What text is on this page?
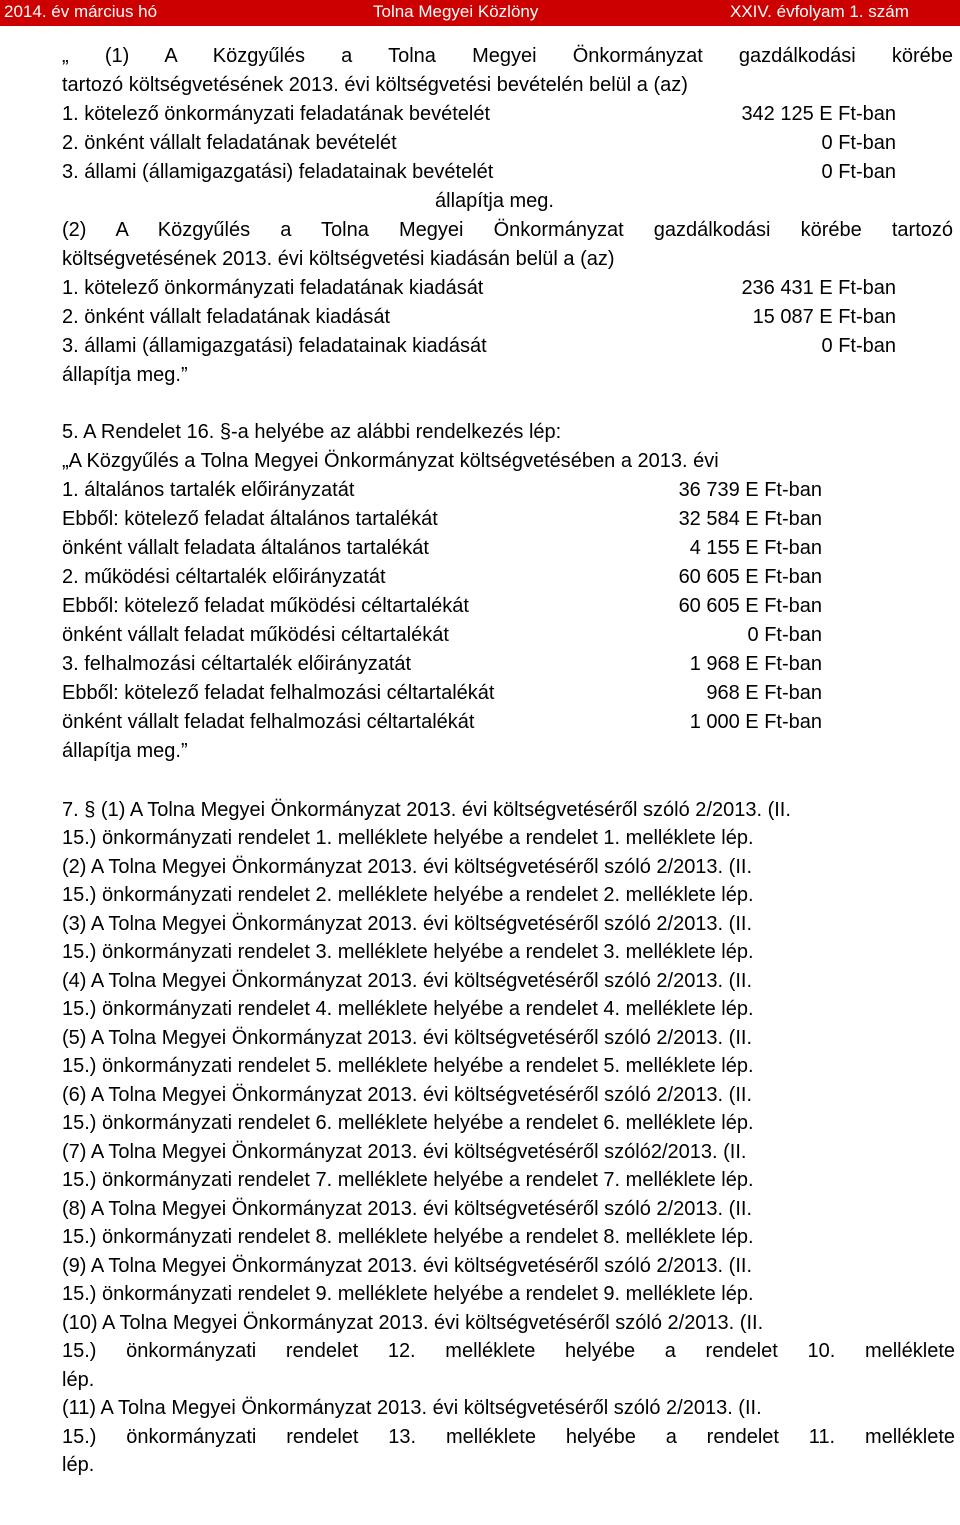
2014. év március hó	Tolna Megyei Közlöny	XXIV. évfolyam 1. szám
„ (1) A Közgyűlés a Tolna Megyei Önkormányzat gazdálkodási körébe
tartozó költségvetésének 2013. évi költségvetési bevételén belül a (az)
1. kötelező önkormányzati feladatának bevételét	342 125 E Ft-ban
2. önként vállalt feladatának bevételét	0 Ft-ban
3. állami (államigazgatási) feladatainak bevételét	0 Ft-ban
állapítja meg.
(2) A Közgyűlés a Tolna Megyei Önkormányzat gazdálkodási körébe tartozó
költségvetésének 2013. évi költségvetési kiadásán belül a (az)
1. kötelező önkormányzati feladatának kiadását	236 431 E Ft-ban
2. önként vállalt feladatának kiadását	15 087 E Ft-ban
3. állami (államigazgatási) feladatainak kiadását	0 Ft-ban
állapítja meg.”
5. A Rendelet 16. §-a helyébe az alábbi rendelkezés lép:
„A Közgyűlés a Tolna Megyei Önkormányzat költségvetésében a 2013. évi
1. általános tartalék előirányzatát	36 739 E Ft-ban
Ebből: kötelező feladat általános tartalékát	32 584 E Ft-ban
önként vállalt feladata általános tartalékát	4 155 E Ft-ban
2. működési céltartalék előirányzatát	60 605 E Ft-ban
Ebből: kötelező feladat működési céltartalékát	60 605 E Ft-ban
önként vállalt feladat működési céltartalékát	0 Ft-ban
3. felhalmozási céltartalék előirányzatát	1 968 E Ft-ban
Ebből: kötelező feladat felhalmozási céltartalékát	968 E Ft-ban
önként vállalt feladat felhalmozási céltartalékát	1 000 E Ft-ban
állapítja meg.”
7. § (1) A Tolna Megyei Önkormányzat 2013. évi költségvetéséről szóló 2/2013. (II.
15.) önkormányzati rendelet 1. melléklete helyébe a rendelet 1. melléklete lép.
(2) A Tolna Megyei Önkormányzat 2013. évi költségvetéséről szóló 2/2013. (II.
15.) önkormányzati rendelet 2. melléklete helyébe a rendelet 2. melléklete lép.
(3) A Tolna Megyei Önkormányzat 2013. évi költségvetéséről szóló 2/2013. (II.
15.) önkormányzati rendelet 3. melléklete helyébe a rendelet 3. melléklete lép.
(4) A Tolna Megyei Önkormányzat 2013. évi költségvetéséről szóló 2/2013. (II.
15.) önkormányzati rendelet 4. melléklete helyébe a rendelet 4. melléklete lép.
(5) A Tolna Megyei Önkormányzat 2013. évi költségvetéséről szóló 2/2013. (II.
15.) önkormányzati rendelet 5. melléklete helyébe a rendelet 5. melléklete lép.
(6) A Tolna Megyei Önkormányzat 2013. évi költségvetéséről szóló 2/2013. (II.
15.) önkormányzati rendelet 6. melléklete helyébe a rendelet 6. melléklete lép.
(7) A Tolna Megyei Önkormányzat 2013. évi költségvetéséről szóló2/2013. (II.
15.) önkormányzati rendelet 7. melléklete helyébe a rendelet 7. melléklete lép.
(8) A Tolna Megyei Önkormányzat 2013. évi költségvetéséről szóló 2/2013. (II.
15.) önkormányzati rendelet 8. melléklete helyébe a rendelet 8. melléklete lép.
(9) A Tolna Megyei Önkormányzat 2013. évi költségvetéséről szóló 2/2013. (II.
15.) önkormányzati rendelet 9. melléklete helyébe a rendelet 9. melléklete lép.
(10) A Tolna Megyei Önkormányzat 2013. évi költségvetéséről szóló 2/2013. (II.
15.) önkormányzati rendelet 12. melléklete helyébe a rendelet 10. melléklete
lép.
(11) A Tolna Megyei Önkormányzat 2013. évi költségvetéséről szóló 2/2013. (II.
15.) önkormányzati rendelet 13. melléklete helyébe a rendelet 11. melléklete
lép.
